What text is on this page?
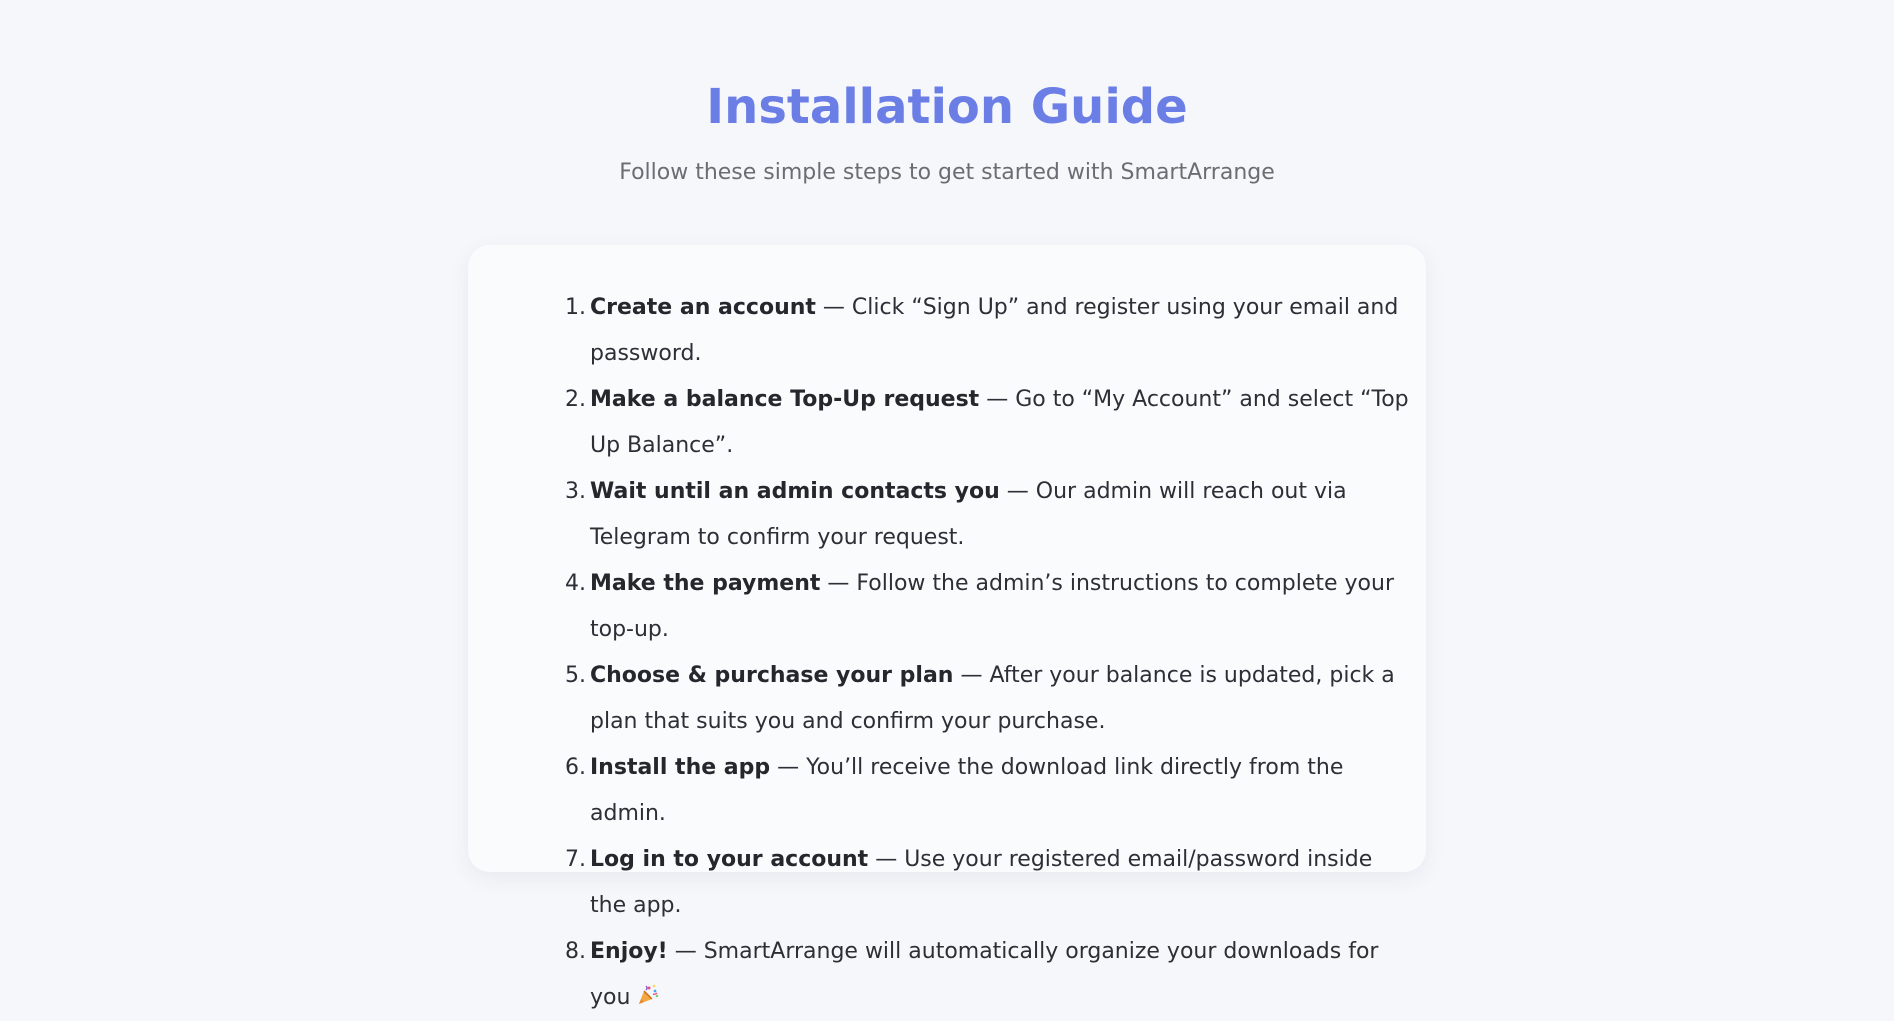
Installation Guide

Follow these simple steps to get started with SmartArrange

1. Create an account — Click “Sign Up” and register using your email and password.
2. Make a balance Top-Up request — Go to “My Account” and select “Top Up Balance”.
3. Wait until an admin contacts you — Our admin will reach out via Telegram to confirm your request.
4. Make the payment — Follow the admin’s instructions to complete your top-up.
5. Choose & purchase your plan — After your balance is updated, pick a plan that suits you and confirm your purchase.
6. Install the app — You’ll receive the download link directly from the admin.
7. Log in to your account — Use your registered email/password inside the app.
8. Enjoy! — SmartArrange will automatically organize your downloads for you
